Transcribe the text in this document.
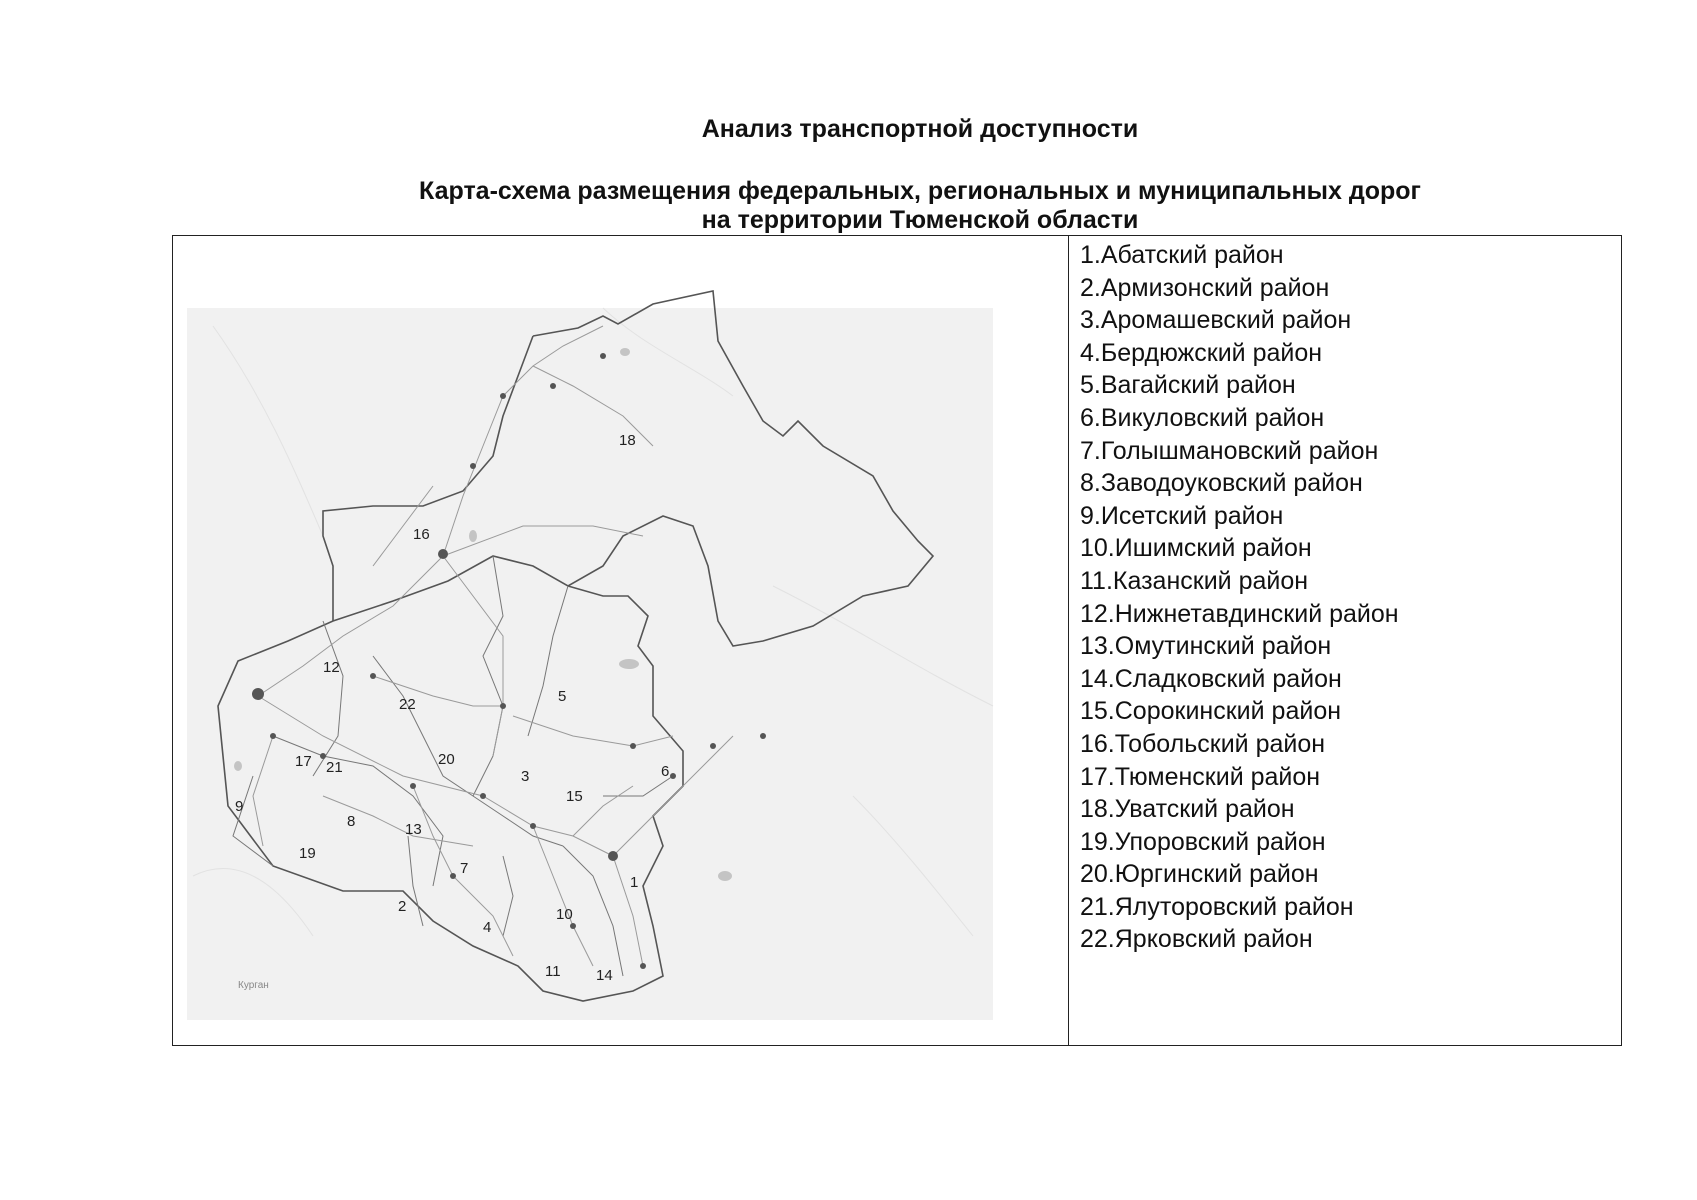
Анализ транспортной доступности
Карта-схема размещения федеральных, региональных и муниципальных дорог
на территории Тюменской области
Курган
1
2
3
4
5
6
7
8
9
10
11
12
13
14
15
16
17
18
19
20
21
22
1.Абатский район
2.Армизонский район
3.Аромашевский район
4.Бердюжский район
5.Вагайский район
6.Викуловский район
7.Голышмановский район
8.Заводоуковский район
9.Исетский район
10.Ишимский район
11.Казанский район
12.Нижнетавдинский район
13.Омутинский район
14.Сладковский район
15.Сорокинский район
16.Тобольский район
17.Тюменский район
18.Уватский район
19.Упоровский район
20.Юргинский район
21.Ялуторовский район
22.Ярковский район
